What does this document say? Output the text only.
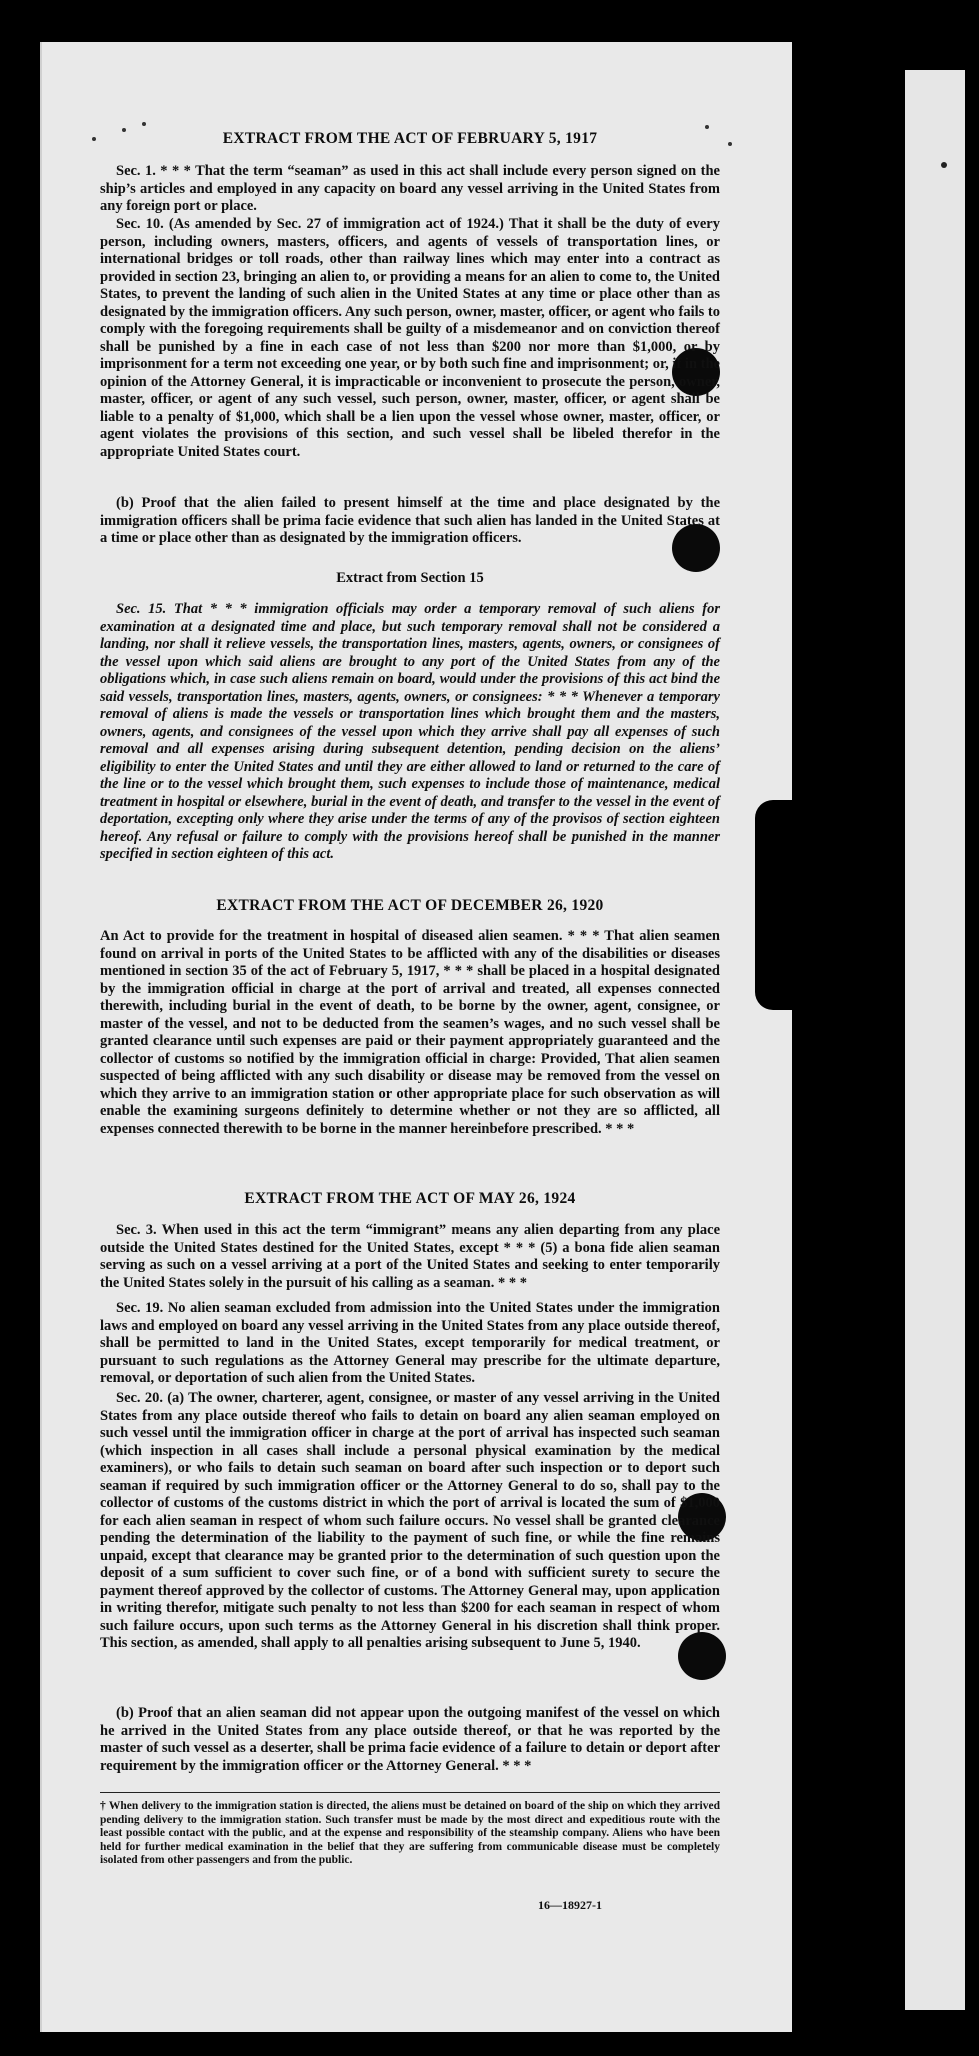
EXTRACT FROM THE ACT OF FEBRUARY 5, 1917

Sec. 1. * * * That the term “seaman” as used in this act shall include every person signed on the ship’s articles and employed in any capacity on board any vessel arriving in the United States from any foreign port or place.

Sec. 10. (As amended by Sec. 27 of immigration act of 1924.) That it shall be the duty of every person, including owners, masters, officers, and agents of vessels of transportation lines, or international bridges or toll roads, other than railway lines which may enter into a contract as provided in section 23, bringing an alien to, or providing a means for an alien to come to, the United States, to prevent the landing of such alien in the United States at any time or place other than as designated by the immigration officers. Any such person, owner, master, officer, or agent who fails to comply with the foregoing requirements shall be guilty of a misdemeanor and on conviction thereof shall be punished by a fine in each case of not less than $200 nor more than $1,000, or by imprisonment for a term not exceeding one year, or by both such fine and imprisonment; or, if in the opinion of the Attorney General, it is impracticable or inconvenient to prosecute the person, owner, master, officer, or agent of any such vessel, such person, owner, master, officer, or agent shall be liable to a penalty of $1,000, which shall be a lien upon the vessel whose owner, master, officer, or agent violates the provisions of this section, and such vessel shall be libeled therefor in the appropriate United States court.

(b) Proof that the alien failed to present himself at the time and place designated by the immigration officers shall be prima facie evidence that such alien has landed in the United States at a time or place other than as designated by the immigration officers.

Extract from Section 15

Sec. 15. That * * * immigration officials may order a temporary removal of such aliens for examination at a designated time and place, but such temporary removal shall not be considered a landing, nor shall it relieve vessels, the transportation lines, masters, agents, owners, or consignees of the vessel upon which said aliens are brought to any port of the United States from any of the obligations which, in case such aliens remain on board, would under the provisions of this act bind the said vessels, transportation lines, masters, agents, owners, or consignees: * * * Whenever a temporary removal of aliens is made the vessels or transportation lines which brought them and the masters, owners, agents, and consignees of the vessel upon which they arrive shall pay all expenses of such removal and all expenses arising during subsequent detention, pending decision on the aliens’ eligibility to enter the United States and until they are either allowed to land or returned to the care of the line or to the vessel which brought them, such expenses to include those of maintenance, medical treatment in hospital or elsewhere, burial in the event of death, and transfer to the vessel in the event of deportation, excepting only where they arise under the terms of any of the provisos of section eighteen hereof. Any refusal or failure to comply with the provisions hereof shall be punished in the manner specified in section eighteen of this act.

EXTRACT FROM THE ACT OF DECEMBER 26, 1920

An Act to provide for the treatment in hospital of diseased alien seamen. * * * That alien seamen found on arrival in ports of the United States to be afflicted with any of the disabilities or diseases mentioned in section 35 of the act of February 5, 1917, * * * shall be placed in a hospital designated by the immigration official in charge at the port of arrival and treated, all expenses connected therewith, including burial in the event of death, to be borne by the owner, agent, consignee, or master of the vessel, and not to be deducted from the seamen’s wages, and no such vessel shall be granted clearance until such expenses are paid or their payment appropriately guaranteed and the collector of customs so notified by the immigration official in charge: Provided, That alien seamen suspected of being afflicted with any such disability or disease may be removed from the vessel on which they arrive to an immigration station or other appropriate place for such observation as will enable the examining surgeons definitely to determine whether or not they are so afflicted, all expenses connected therewith to be borne in the manner hereinbefore prescribed. * * *

EXTRACT FROM THE ACT OF MAY 26, 1924

Sec. 3. When used in this act the term “immigrant” means any alien departing from any place outside the United States destined for the United States, except * * * (5) a bona fide alien seaman serving as such on a vessel arriving at a port of the United States and seeking to enter temporarily the United States solely in the pursuit of his calling as a seaman. * * *

Sec. 19. No alien seaman excluded from admission into the United States under the immigration laws and employed on board any vessel arriving in the United States from any place outside thereof, shall be permitted to land in the United States, except temporarily for medical treatment, or pursuant to such regulations as the Attorney General may prescribe for the ultimate departure, removal, or deportation of such alien from the United States.

Sec. 20. (a) The owner, charterer, agent, consignee, or master of any vessel arriving in the United States from any place outside thereof who fails to detain on board any alien seaman employed on such vessel until the immigration officer in charge at the port of arrival has inspected such seaman (which inspection in all cases shall include a personal physical examination by the medical examiners), or who fails to detain such seaman on board after such inspection or to deport such seaman if required by such immigration officer or the Attorney General to do so, shall pay to the collector of customs of the customs district in which the port of arrival is located the sum of $1,000 for each alien seaman in respect of whom such failure occurs. No vessel shall be granted clearance pending the determination of the liability to the payment of such fine, or while the fine remains unpaid, except that clearance may be granted prior to the determination of such question upon the deposit of a sum sufficient to cover such fine, or of a bond with sufficient surety to secure the payment thereof approved by the collector of customs. The Attorney General may, upon application in writing therefor, mitigate such penalty to not less than $200 for each seaman in respect of whom such failure occurs, upon such terms as the Attorney General in his discretion shall think proper. This section, as amended, shall apply to all penalties arising subsequent to June 5, 1940.

(b) Proof that an alien seaman did not appear upon the outgoing manifest of the vessel on which he arrived in the United States from any place outside thereof, or that he was reported by the master of such vessel as a deserter, shall be prima facie evidence of a failure to detain or deport after requirement by the immigration officer or the Attorney General. * * *

† When delivery to the immigration station is directed, the aliens must be detained on board of the ship on which they arrived pending delivery to the immigration station. Such transfer must be made by the most direct and expeditious route with the least possible contact with the public, and at the expense and responsibility of the steamship company. Aliens who have been held for further medical examination in the belief that they are suffering from communicable disease must be completely isolated from other passengers and from the public.

16—18927-1
